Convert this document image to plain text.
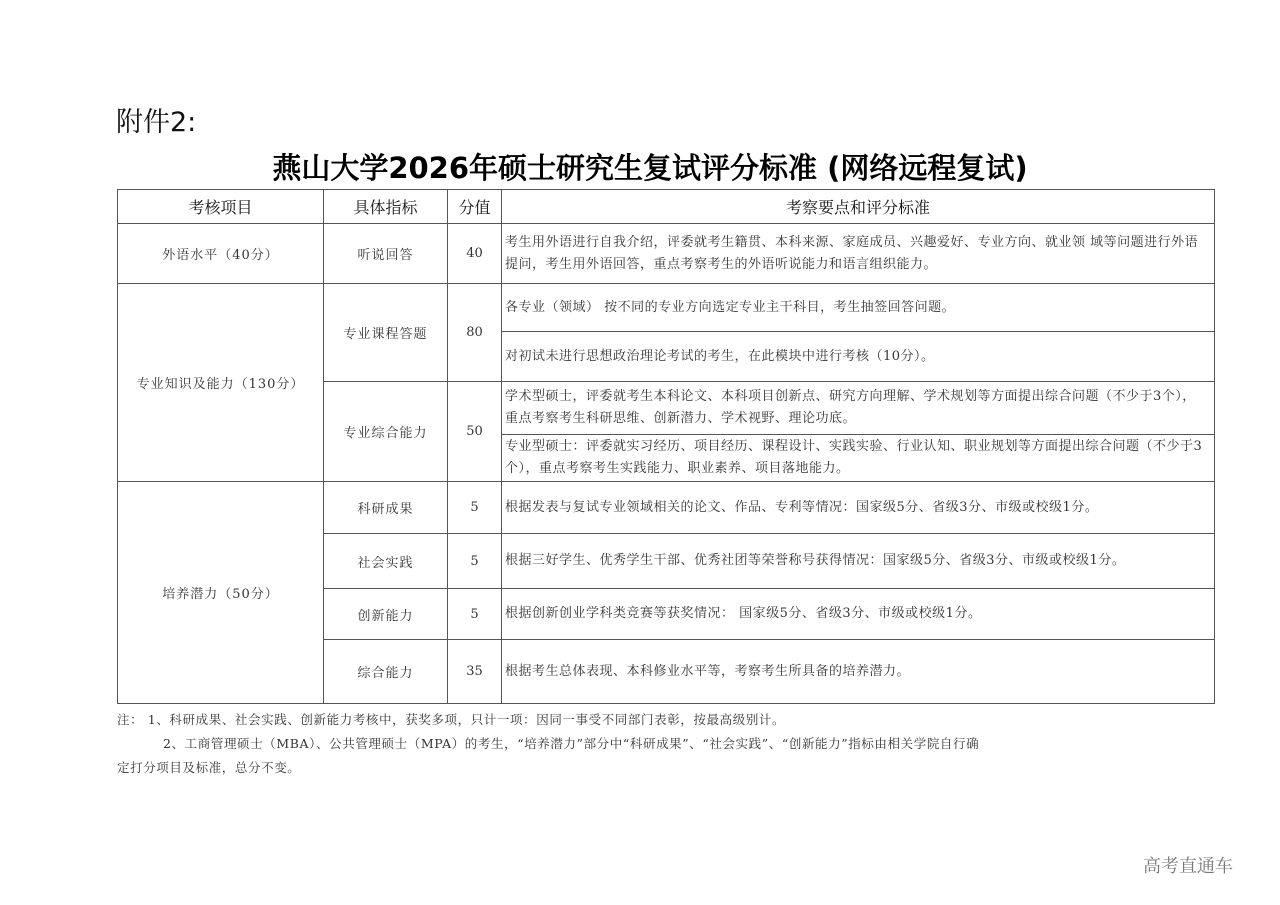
附件2:
燕山大学2026年硕士研究生复试评分标准 (网络远程复试)
考核项目	具体指标	分值	考察要点和评分标准
外语水平（40分）	听说回答	40	考生用外语进行自我介绍，评委就考生籍贯、本科来源、家庭成员、兴趣爱好、专业方向、就业领 域等问题进行外语提问，考生用外语回答，重点考察考生的外语听说能力和语言组织能力。
专业知识及能力（130分）	专业课程答题	80	各专业（领域） 按不同的专业方向选定专业主干科目，考生抽签回答问题。
			对初试未进行思想政治理论考试的考生，在此模块中进行考核（10分）。
	专业综合能力	50	学术型硕士，评委就考生本科论文、本科项目创新点、研究方向理解、学术规划等方面提出综合问题（不少于3个），重点考察考生科研思维、创新潜力、学术视野、理论功底。
			专业型硕士：评委就实习经历、项目经历、课程设计、实践实验、行业认知、职业规划等方面提出综合问题（不少于3个），重点考察考生实践能力、职业素养、项目落地能力。
培养潜力（50分）	科研成果	5	根据发表与复试专业领域相关的论文、作品、专利等情况：国家级5分、省级3分、市级或校级1分。
	社会实践	5	根据三好学生、优秀学生干部、优秀社团等荣誉称号获得情况：国家级5分、省级3分、市级或校级1分。
	创新能力	5	根据创新创业学科类竞赛等获奖情况： 国家级5分、省级3分、市级或校级1分。
	综合能力	35	根据考生总体表现、本科修业水平等，考察考生所具备的培养潜力。
注： 1、科研成果、社会实践、创新能力考核中，获奖多项，只计一项：因同一事受不同部门表彰，按最高级别计。
2、工商管理硕士（MBA）、公共管理硕士（MPA）的考生，“培养潜力”部分中“科研成果”、“社会实践”、“创新能力”指标由相关学院自行确
定打分项目及标准，总分不变。
高考直通车
